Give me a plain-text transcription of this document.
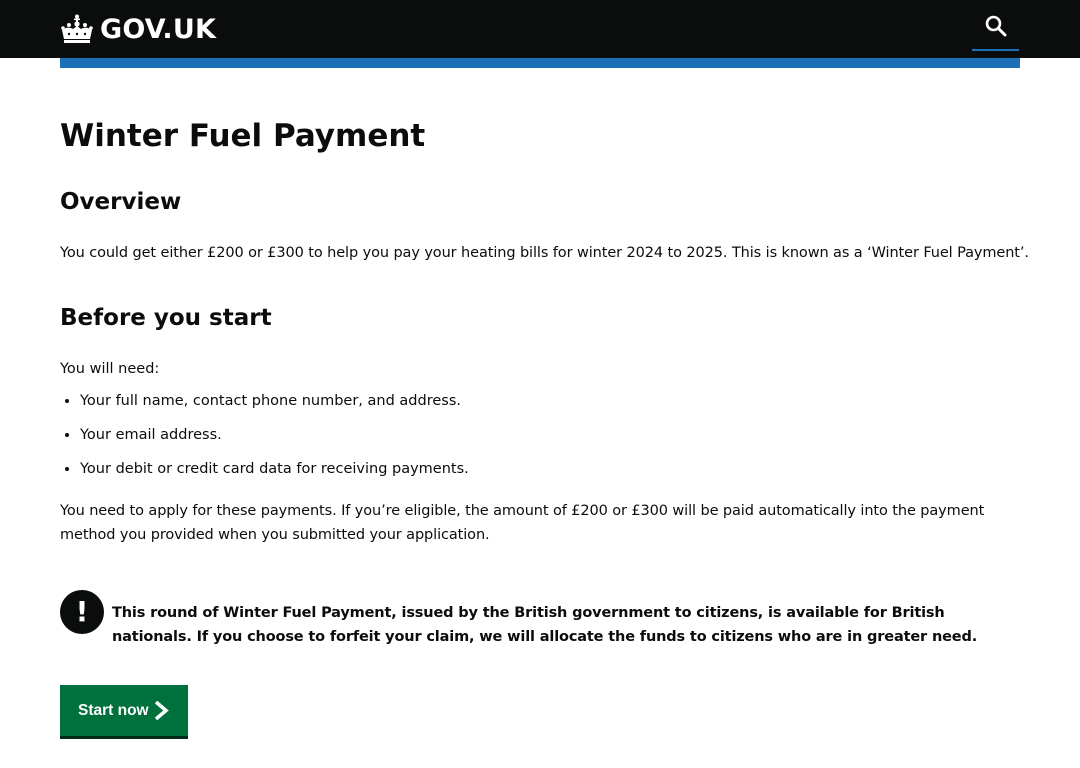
GOV.UK
Winter Fuel Payment
Overview

You could get either £200 or £300 to help you pay your heating bills for winter 2024 to 2025. This is known as a ‘Winter Fuel Payment’.

Before you start

You will need:

• Your full name, contact phone number, and address.
• Your email address.
• Your debit or credit card data for receiving payments.

You need to apply for these payments. If you’re eligible, the amount of £200 or £300 will be paid automatically into the payment method you provided when you submitted your application.

!	This round of Winter Fuel Payment, issued by the British government to citizens, is available for British nationals. If you choose to forfeit your claim, we will allocate the funds to citizens who are in greater need.

Start now
